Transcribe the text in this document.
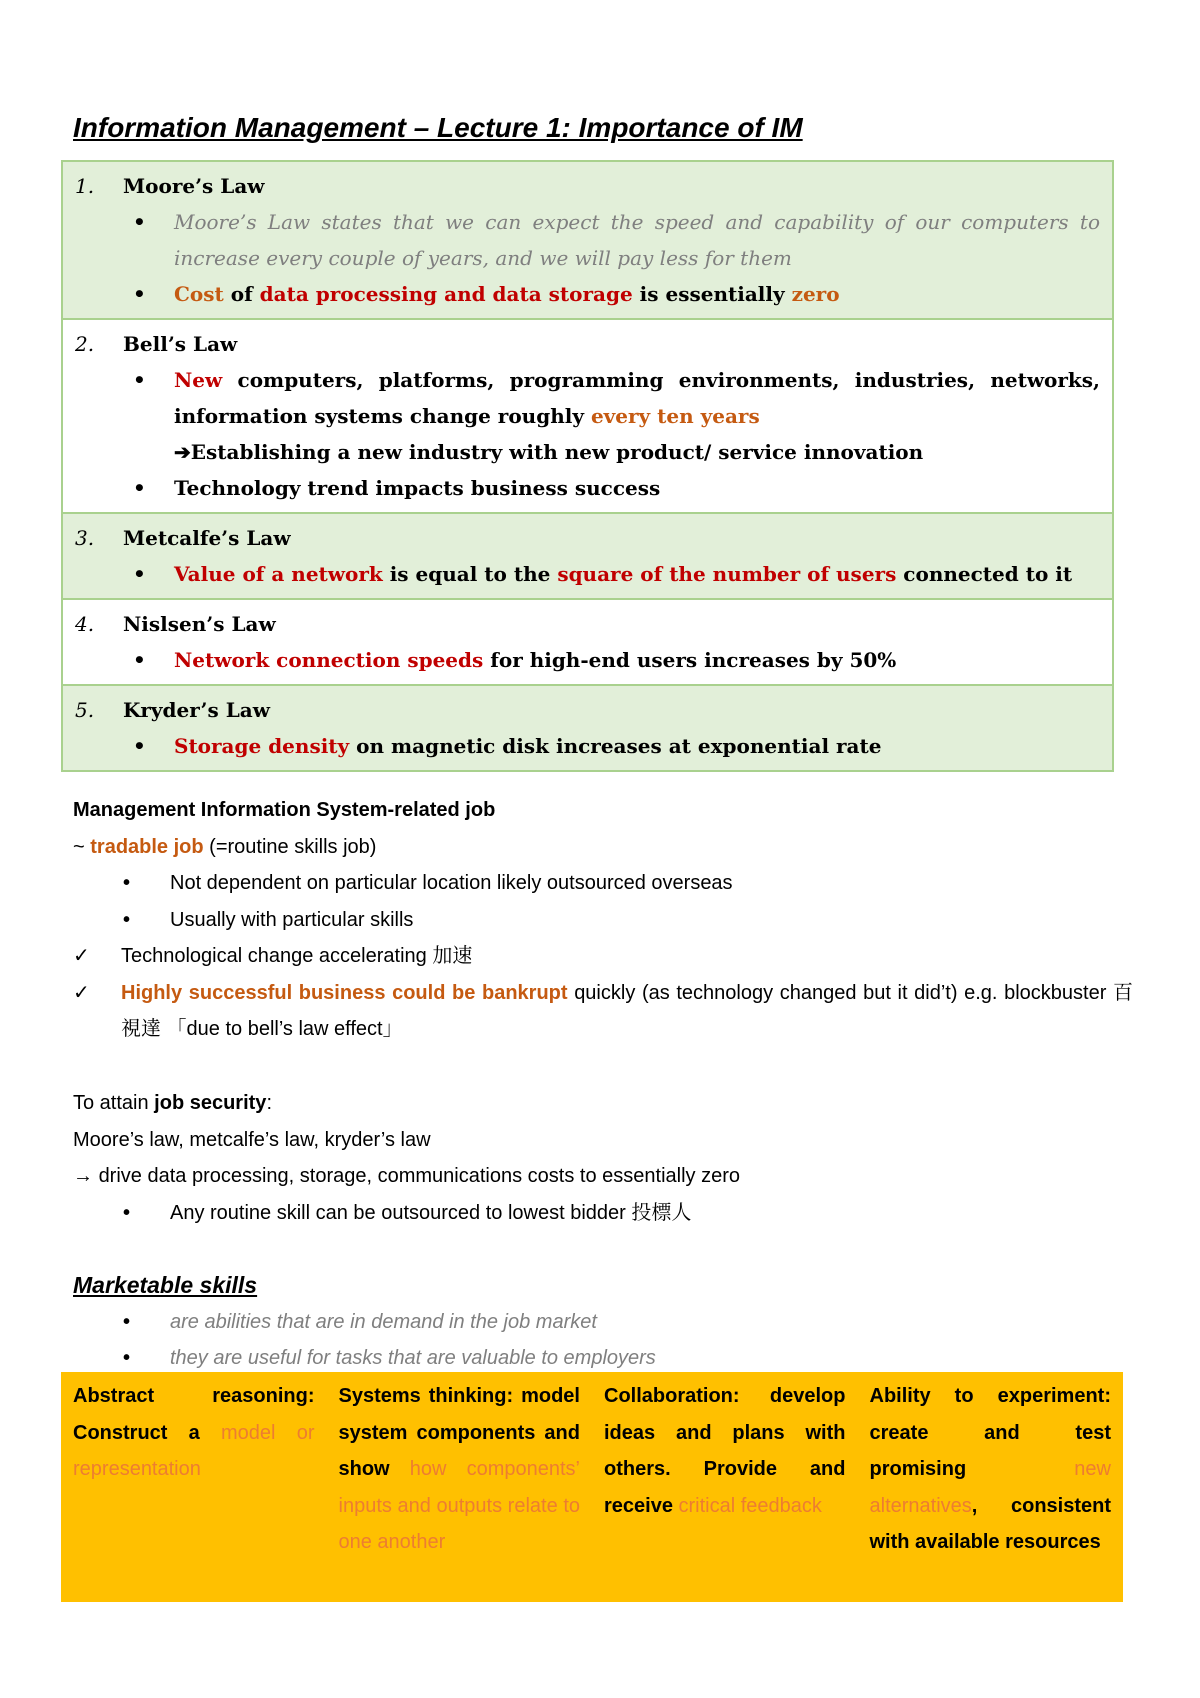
Information Management – Lecture 1: Importance of IM
1. Moore’s Law
• Moore’s Law states that we can expect the speed and capability of our computers to increase every couple of years, and we will pay less for them
• Cost of data processing and data storage is essentially zero

2. Bell’s Law
• New computers, platforms, programming environments, industries, networks, information systems change roughly every ten years
➔Establishing a new industry with new product/ service innovation
• Technology trend impacts business success

3. Metcalfe’s Law
• Value of a network is equal to the square of the number of users connected to it

4. Nislsen’s Law
• Network connection speeds for high-end users increases by 50%

5. Kryder’s Law
• Storage density on magnetic disk increases at exponential rate
Management Information System-related job
~ tradable job (=routine skills job)
• Not dependent on particular location likely outsourced overseas
• Usually with particular skills
✓ Technological change accelerating 加速
✓ Highly successful business could be bankrupt quickly (as technology changed but it did’t) e.g. blockbuster 百視達 「due to bell’s law effect」
To attain job security:
Moore’s law, metcalfe’s law, kryder’s law
→ drive data processing, storage, communications costs to essentially zero
• Any routine skill can be outsourced to lowest bidder 投標人
Marketable skills
• are abilities that are in demand in the job market
• they are useful for tasks that are valuable to employers
Abstract reasoning: Construct a model or representation	Systems thinking: model system components and show how components’ inputs and outputs relate to one another	Collaboration: develop ideas and plans with others. Provide and receive critical feedback	Ability to experiment: create and test promising new alternatives, consistent with available resources
